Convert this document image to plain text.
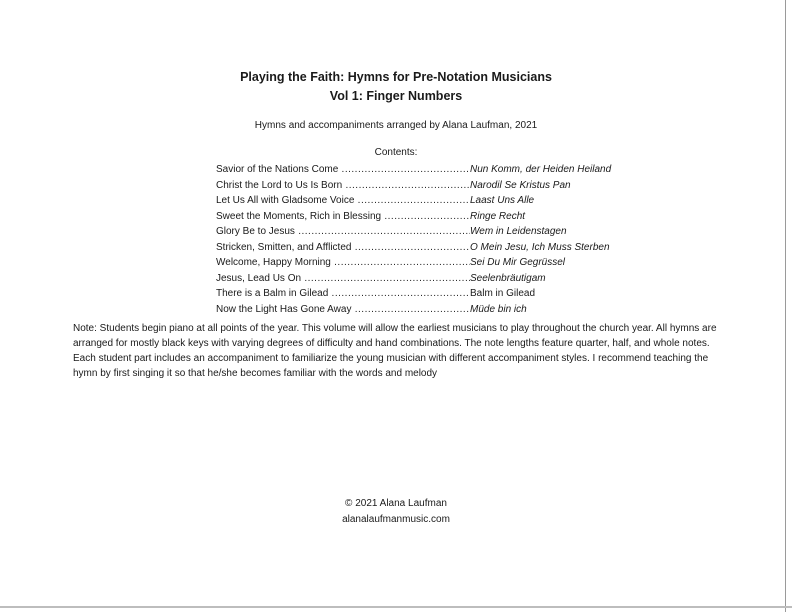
Playing the Faith: Hymns for Pre-Notation Musicians
Vol 1: Finger Numbers
Hymns and accompaniments arranged by Alana Laufman, 2021
Contents:
Savior of the Nations Come .....	Nun Komm, der Heiden Heiland
Christ the Lord to Us Is Born .....	Narodil Se Kristus Pan
Let Us All with Gladsome Voice .....	Laast Uns Alle
Sweet the Moments, Rich in Blessing .....	Ringe Recht
Glory Be to Jesus .....	Wem in Leidenstagen
Stricken, Smitten, and Afflicted .....	O Mein Jesu, Ich Muss Sterben
Welcome, Happy Morning .....	Sei Du Mir Gegrüssel
Jesus, Lead Us On .....	Seelenbräutigam
There is a Balm in Gilead .....	Balm in Gilead
Now the Light Has Gone Away .....	Müde bin ich
Note: Students begin piano at all points of the year. This volume will allow the earliest musicians to play throughout the church year. All hymns are arranged for mostly black keys with varying degrees of difficulty and hand combinations. The note lengths feature quarter, half, and whole notes. Each student part includes an accompaniment to familiarize the young musician with different accompaniment styles. I recommend teaching the hymn by first singing it so that he/she becomes familiar with the words and melody
© 2021 Alana Laufman
alanalaufmanmusic.com
